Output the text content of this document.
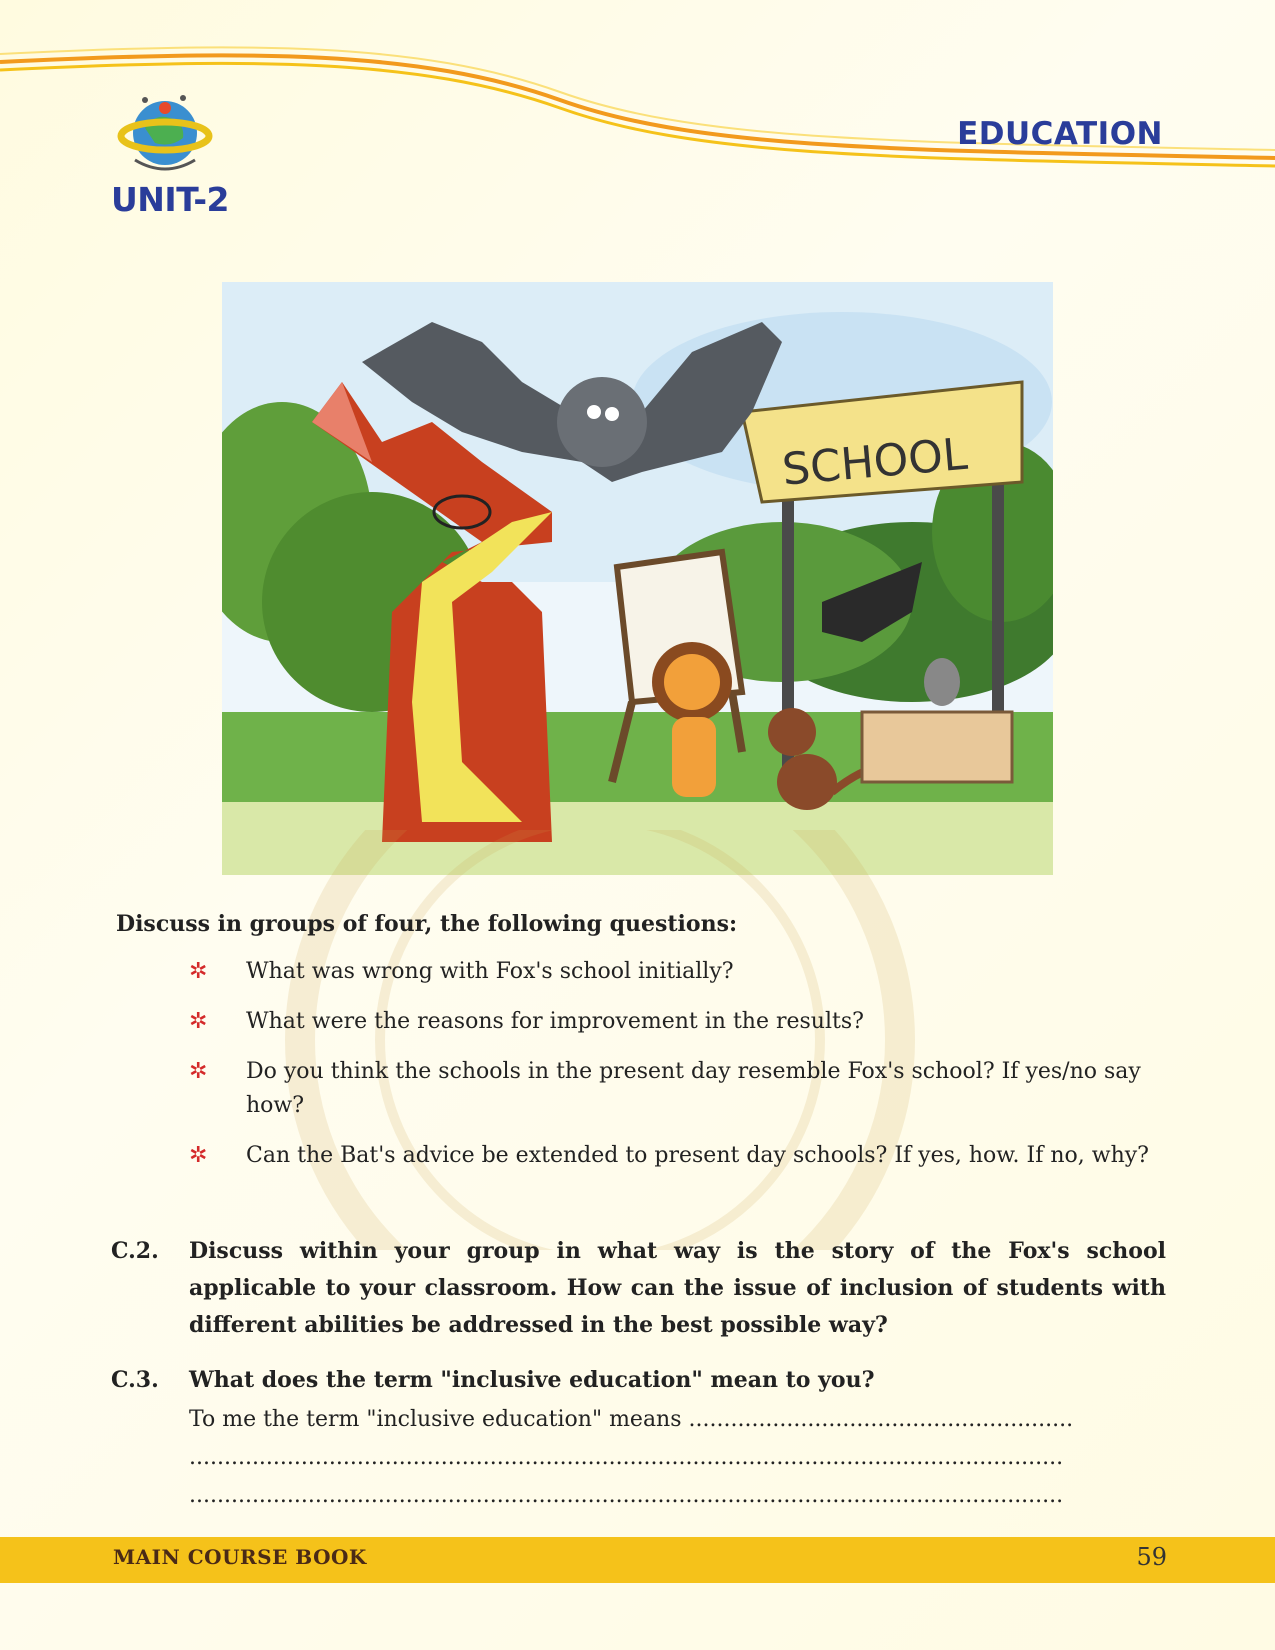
UNIT-2
EDUCATION
SCHOOL
Discuss in groups of four, the following questions:
✲ What was wrong with Fox's school initially?
✲ What were the reasons for improvement in the results?
✲ Do you think the schools in the present day resemble Fox's school? If yes/no say how?
✲ Can the Bat's advice be extended to present day schools? If yes, how. If no, why?
C.2. Discuss within your group in what way is the story of the Fox's school applicable to your classroom. How can the issue of inclusion of students with different abilities be addressed in the best possible way?
C.3. What does the term "inclusive education" mean to you?
To me the term "inclusive education" means .......................................................
.............................................................................................................................
.............................................................................................................................
MAIN COURSE BOOK	59
